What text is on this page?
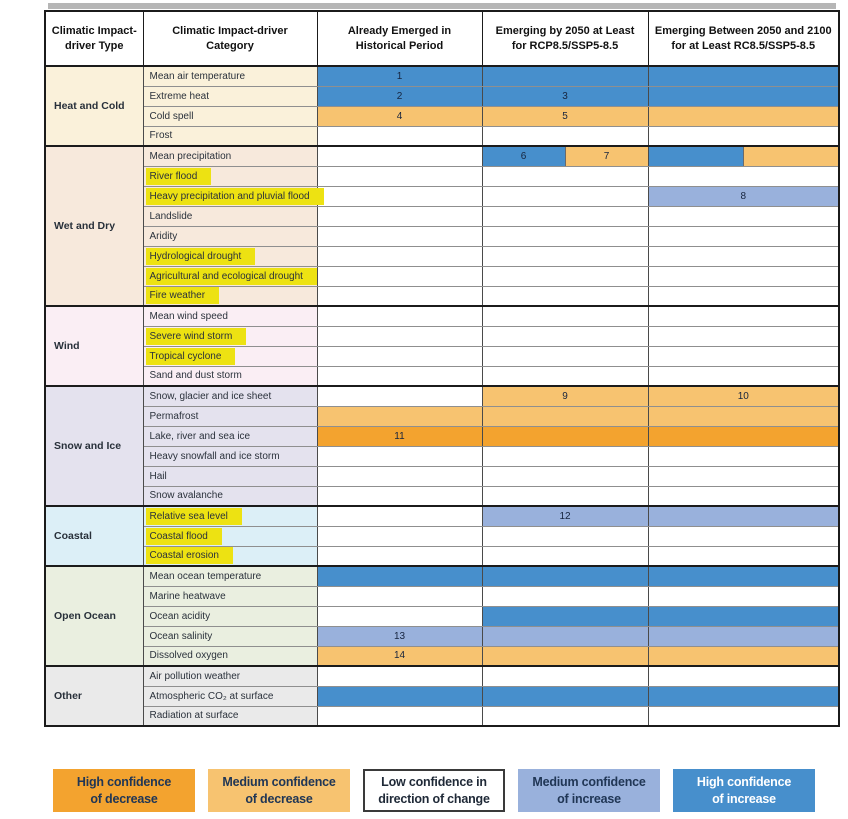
Climatic Impact-driver Type	Climatic Impact-driver Category	Already Emerged in Historical Period	Emerging by 2050 at Least for RCP8.5/SSP5-8.5	Emerging Between 2050 and 2100 for at Least RC8.5/SSP5-8.5
Heat and Cold	Mean air temperature	1		
	Extreme heat	2	3	
	Cold spell	4	5	
	Frost			
Wet and Dry	Mean precipitation		6 7	

	River flood			
	Heavy precipitation and pluvial flood			8
	Landslide			
	Aridity			
	Hydrological drought			
	Agricultural and ecological drought			
	Fire weather			
Wind	Mean wind speed			
	Severe wind storm			
	Tropical cyclone			
	Sand and dust storm			
Snow and Ice	Snow, glacier and ice sheet		9	10
	Permafrost			
	Lake, river and sea ice	11		
	Heavy snowfall and ice storm			
	Hail			
	Snow avalanche			
Coastal	Relative sea level		12	
	Coastal flood			
	Coastal erosion			
Open Ocean	Mean ocean temperature			
	Marine heatwave			
	Ocean acidity			
	Ocean salinity	13		
	Dissolved oxygen	14		
Other	Air pollution weather			
	Atmospheric CO₂ at surface			
	Radiation at surface			
High confidence
of decrease
Medium confidence
of decrease
Low confidence in
direction of change
Medium confidence
of increase
High confidence
of increase
